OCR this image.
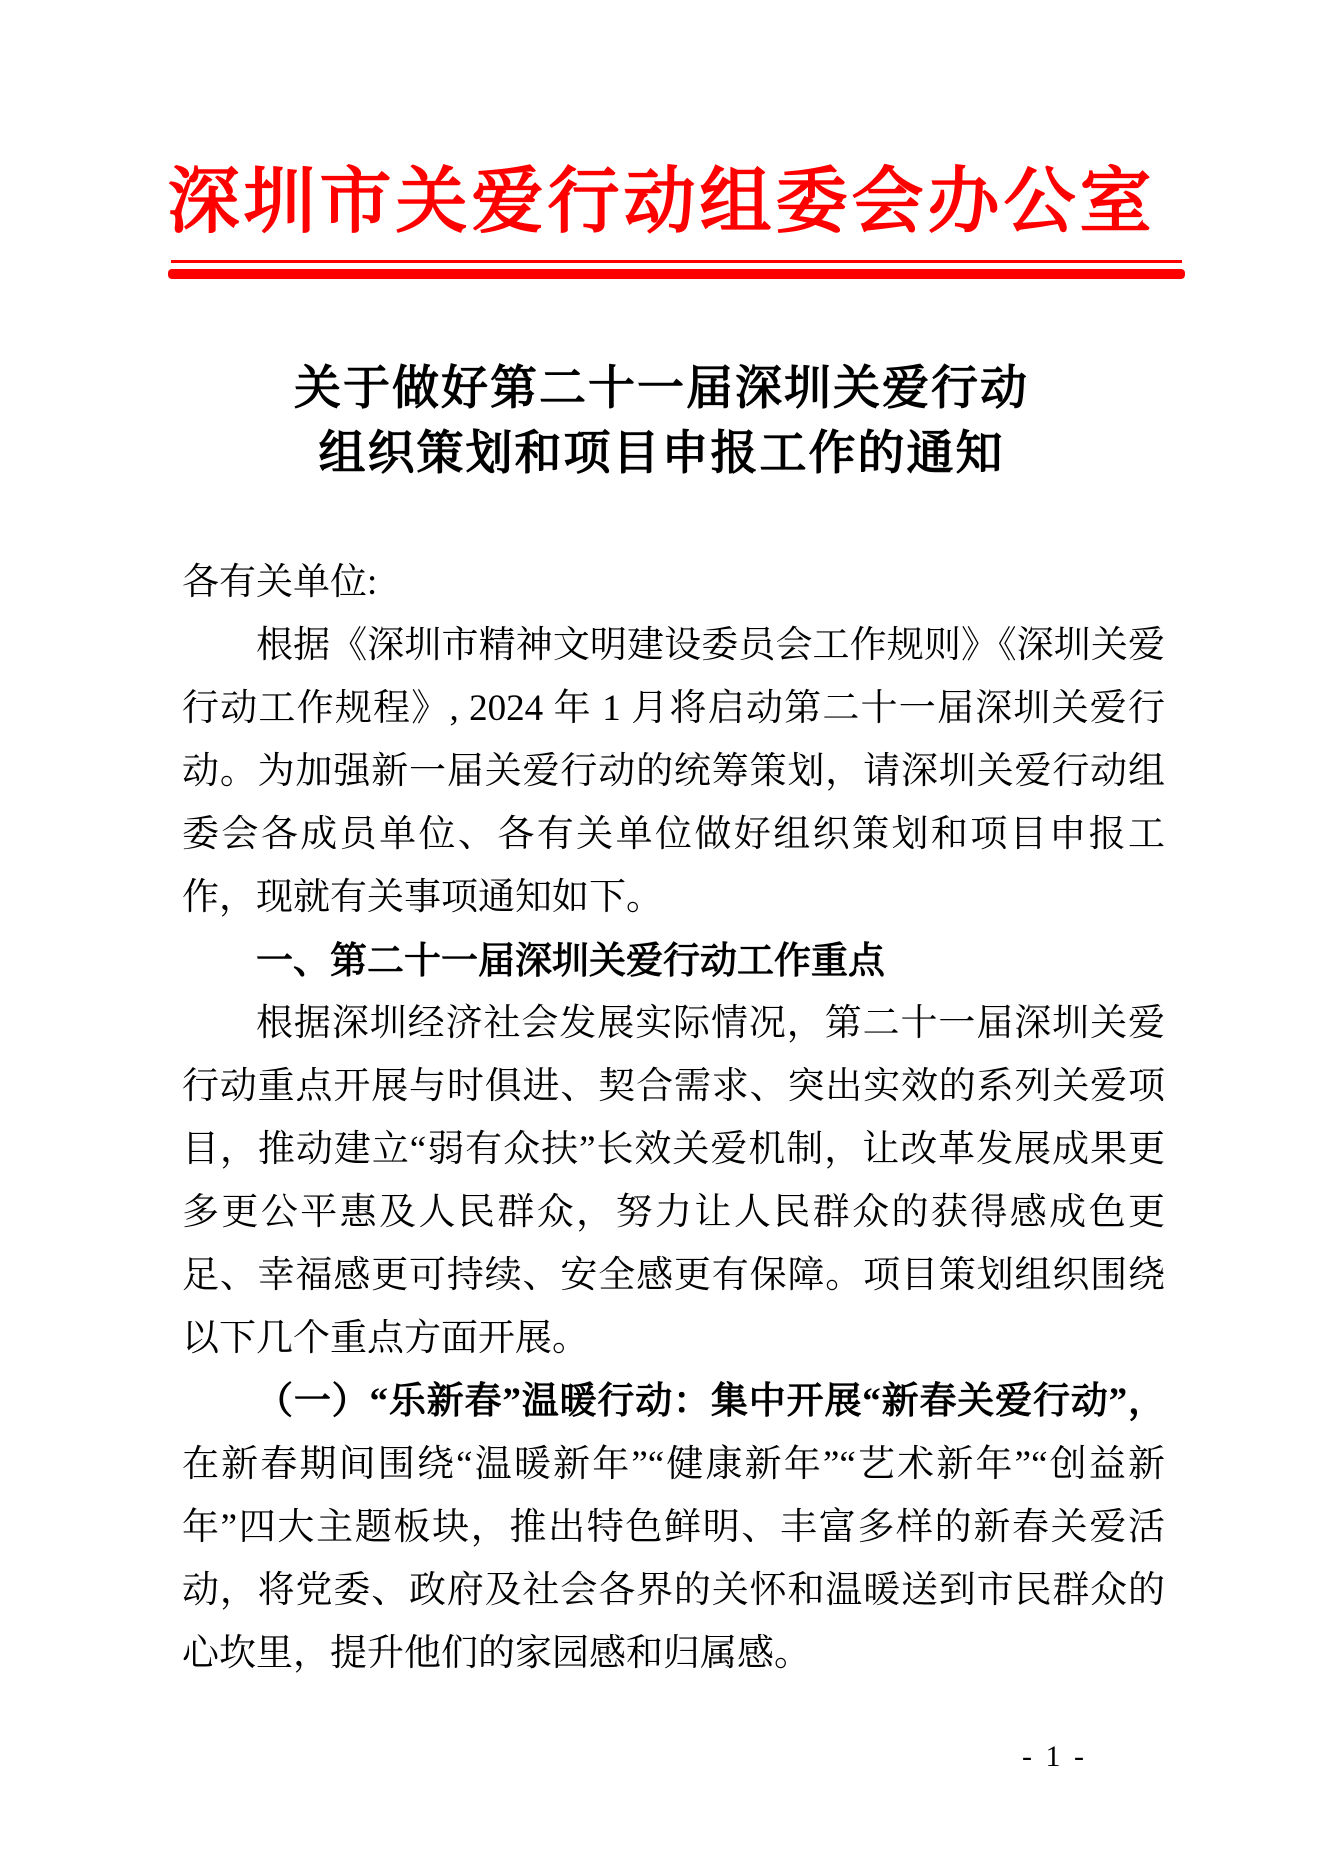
深圳市关爱行动组委会办公室
关于做好第二十一届深圳关爱行动
组织策划和项目申报工作的通知

各有关单位:

根据《深圳市精神文明建设委员会工作规则》《深圳关爱行动工作规程》, 2024 年 1 月将启动第二十一届深圳关爱行动。为加强新一届关爱行动的统筹策划，请深圳关爱行动组委会各成员单位、各有关单位做好组织策划和项目申报工作，现就有关事项通知如下。

一、第二十一届深圳关爱行动工作重点

根据深圳经济社会发展实际情况，第二十一届深圳关爱行动重点开展与时俱进、契合需求、突出实效的系列关爱项目，推动建立“弱有众扶”长效关爱机制，让改革发展成果更多更公平惠及人民群众，努力让人民群众的获得感成色更足、幸福感更可持续、安全感更有保障。项目策划组织围绕以下几个重点方面开展。

（一）“乐新春”温暖行动：集中开展“新春关爱行动”，在新春期间围绕“温暖新年”“健康新年”“艺术新年”“创益新年”四大主题板块，推出特色鲜明、丰富多样的新春关爱活动，将党委、政府及社会各界的关怀和温暖送到市民群众的心坎里，提升他们的家园感和归属感。

- 1 -
